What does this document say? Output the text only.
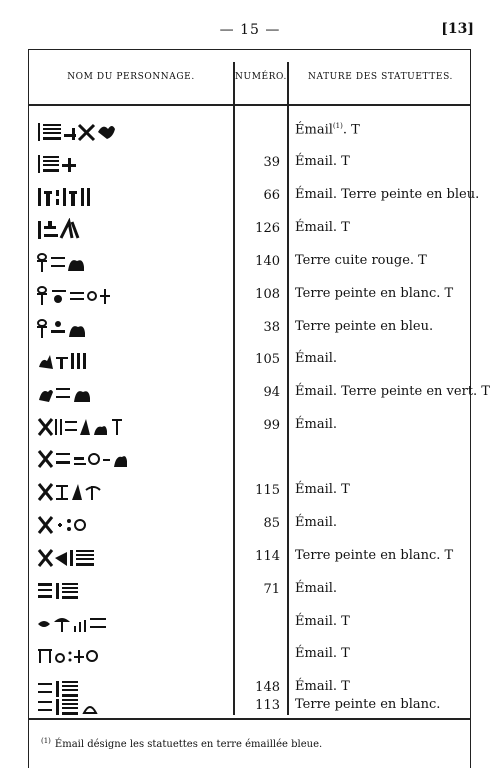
— 15 —	[13]
NOM DU PERSONNAGE.	NUMÉRO.	NATURE DES STATUETTES.
Émail$^{(1)}$. T
39	Émail. T
66	Émail. Terre peinte en bleu.
126	Émail. T
140	Terre cuite rouge. T
108	Terre peinte en blanc. T
38	Terre peinte en bleu.
105	Émail.
94	Émail. Terre peinte en vert. T
99	Émail.
115	Émail. T
85	Émail.
114	Terre peinte en blanc. T
71	Émail.
Émail. T
Émail. T
148	Émail. T
113	Terre peinte en blanc.
$^{(1)}$ Émail désigne les statuettes en terre émaillée bleue.
